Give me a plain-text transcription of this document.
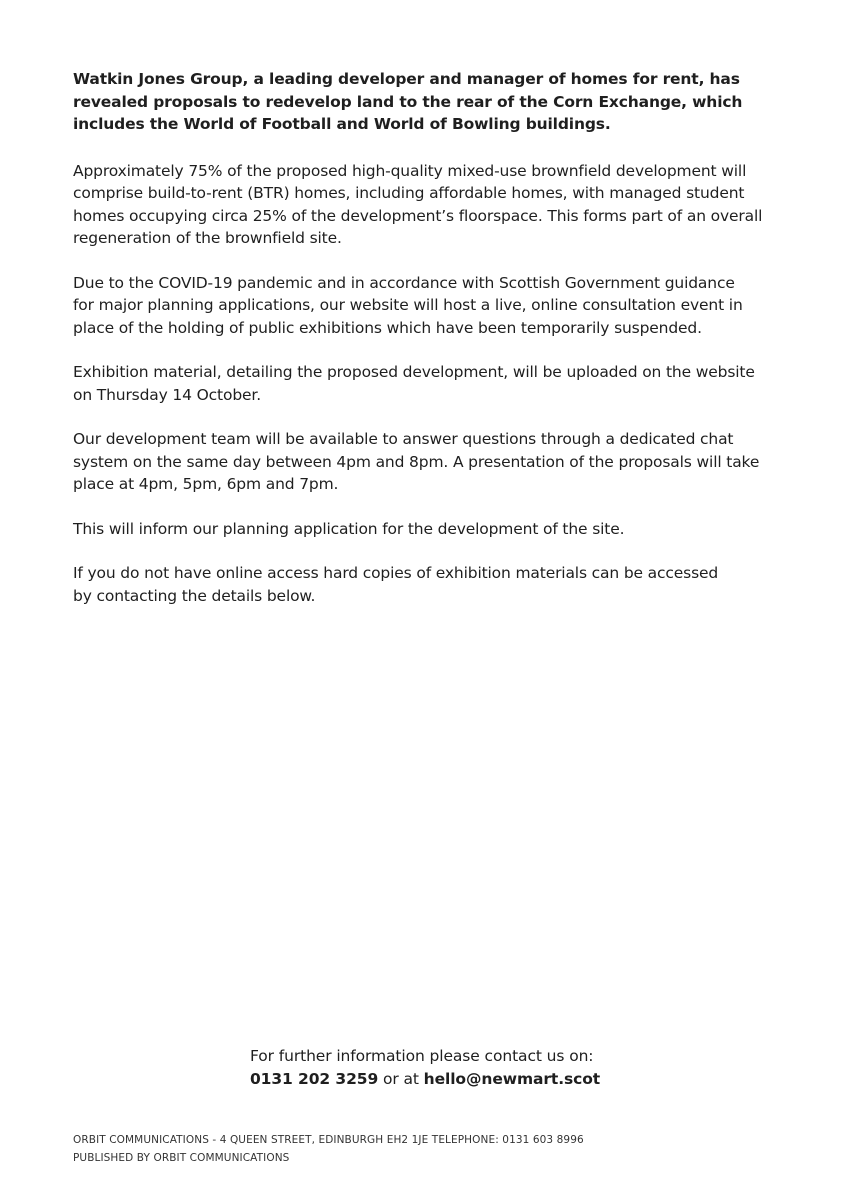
Watkin Jones Group, a leading developer and manager of homes for rent, has
revealed proposals to redevelop land to the rear of the Corn Exchange, which
includes the World of Football and World of Bowling buildings.

Approximately 75% of the proposed high-quality mixed-use brownfield development will
comprise build-to-rent (BTR) homes, including affordable homes, with managed student
homes occupying circa 25% of the development’s floorspace. This forms part of an overall
regeneration of the brownfield site.

Due to the COVID-19 pandemic and in accordance with Scottish Government guidance
for major planning applications, our website will host a live, online consultation event in
place of the holding of public exhibitions which have been temporarily suspended.

Exhibition material, detailing the proposed development, will be uploaded on the website
on Thursday 14 October.

Our development team will be available to answer questions through a dedicated chat
system on the same day between 4pm and 8pm. A presentation of the proposals will take
place at 4pm, 5pm, 6pm and 7pm.

This will inform our planning application for the development of the site.

If you do not have online access hard copies of exhibition materials can be accessed
by contacting the details below.

For further information please contact us on:
0131 202 3259 or at hello@newmart.scot
ORBIT COMMUNICATIONS - 4 QUEEN STREET, EDINBURGH EH2 1JE TELEPHONE: 0131 603 8996
PUBLISHED BY ORBIT COMMUNICATIONS
